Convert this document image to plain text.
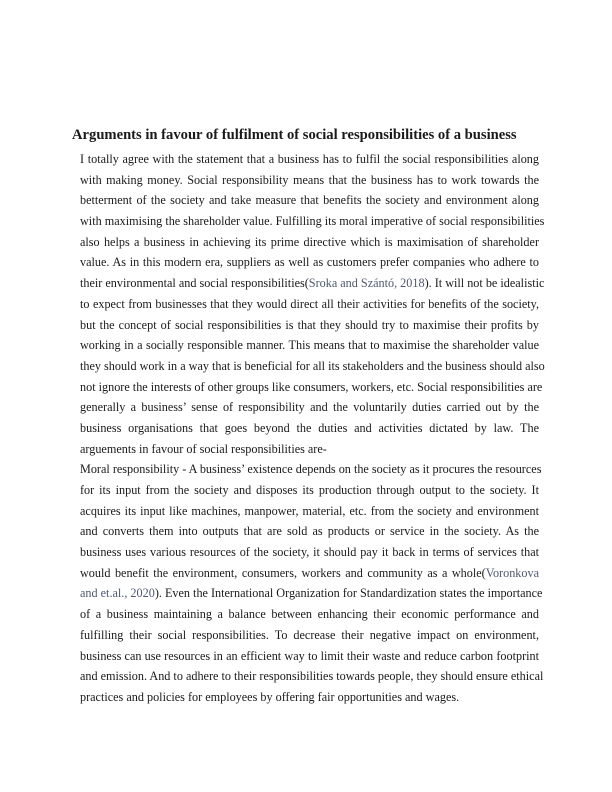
Arguments in favour of fulfilment of social responsibilities of a business
I totally agree with the statement that a business has to fulfil the social responsibilities along
with making money. Social responsibility means that the business has to work towards the
betterment of the society and take measure that benefits the society and environment along
with maximising the shareholder value. Fulfilling its moral imperative of social responsibilities
also helps a business in achieving its prime directive which is maximisation of shareholder
value. As in this modern era, suppliers as well as customers prefer companies who adhere to
their environmental and social responsibilities(Sroka and Szántó, 2018). It will not be idealistic
to expect from businesses that they would direct all their activities for benefits of the society,
but the concept of social responsibilities is that they should try to maximise their profits by
working in a socially responsible manner. This means that to maximise the shareholder value
they should work in a way that is beneficial for all its stakeholders and the business should also
not ignore the interests of other groups like consumers, workers, etc. Social responsibilities are
generally a business’ sense of responsibility and the voluntarily duties carried out by the
business organisations that goes beyond the duties and activities dictated by law. The
arguements in favour of social responsibilities are-
Moral responsibility - A business’ existence depends on the society as it procures the resources
for its input from the society and disposes its production through output to the society. It
acquires its input like machines, manpower, material, etc. from the society and environment
and converts them into outputs that are sold as products or service in the society. As the
business uses various resources of the society, it should pay it back in terms of services that
would benefit the environment, consumers, workers and community as a whole(Voronkova
and et.al., 2020). Even the International Organization for Standardization states the importance
of a business maintaining a balance between enhancing their economic performance and
fulfilling their social responsibilities. To decrease their negative impact on environment,
business can use resources in an efficient way to limit their waste and reduce carbon footprint
and emission. And to adhere to their responsibilities towards people, they should ensure ethical
practices and policies for employees by offering fair opportunities and wages.
